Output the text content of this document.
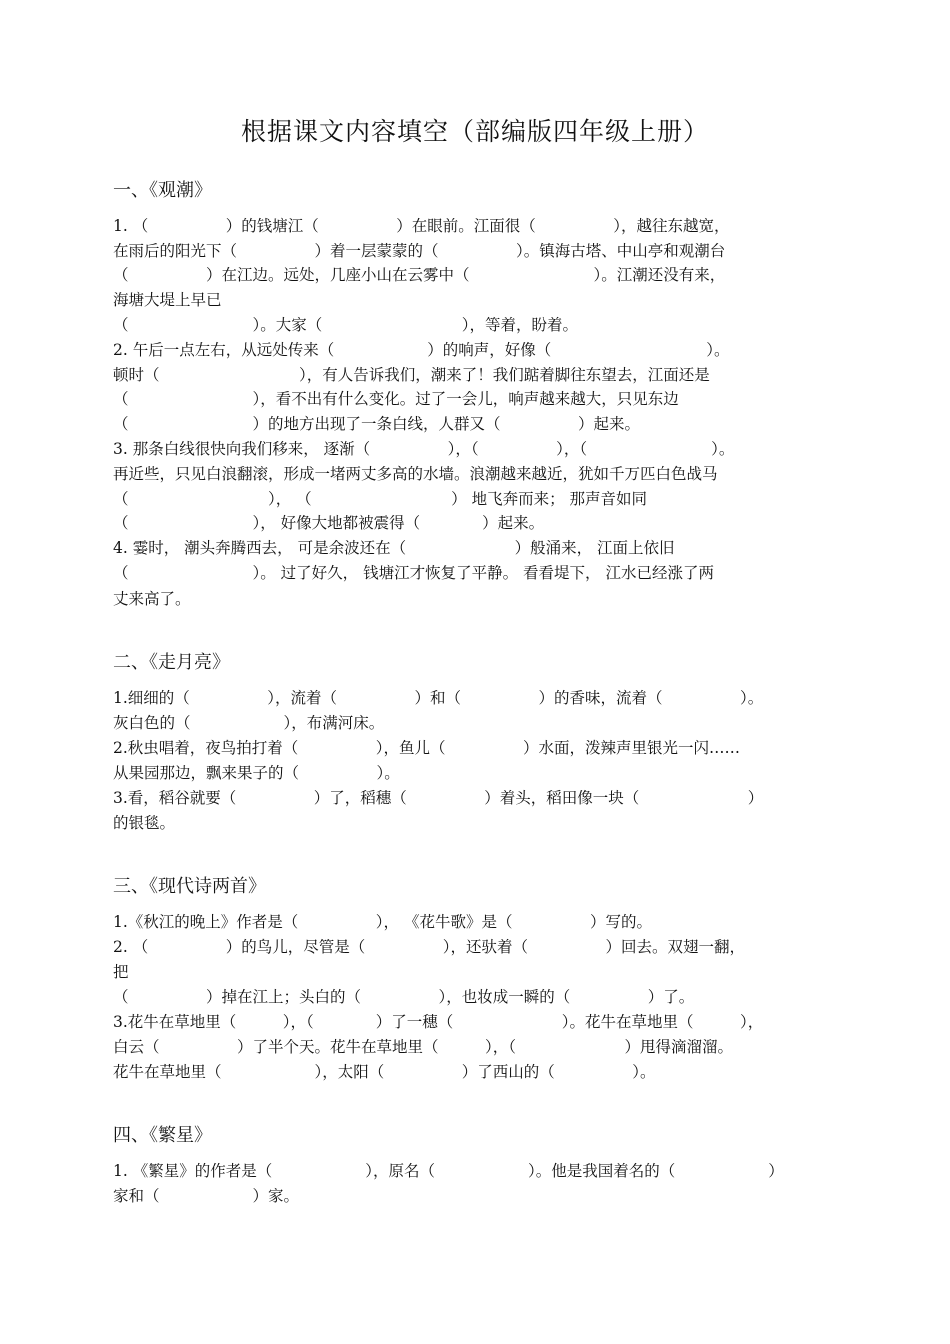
根据课文内容填空（部编版四年级上册）
一、《观潮》
1. （　　　　　）的钱塘江（　　　　　）在眼前。江面很（　　　　　），越往东越宽，
在雨后的阳光下（　　　　　）着一层蒙蒙的（　　　　　）。镇海古塔、中山亭和观潮台
（　　　　　）在江边。远处，几座小山在云雾中（　　　　　　　　）。江潮还没有来，
海塘大堤上早已
（　　　　　　　　）。大家（　　　　　　　　　），等着，盼着。
2. 午后一点左右，从远处传来（　　　　　　）的响声，好像（　　　　　　　　　　）。
顿时（　　　　　　　　　），有人告诉我们，潮来了！我们踮着脚往东望去，江面还是
（　　　　　　　　），看不出有什么变化。过了一会儿，响声越来越大，只见东边
（　　　　　　　　）的地方出现了一条白线，人群又（　　　　　）起来。
3. 那条白线很快向我们移来， 逐渐（　　　　　），（　　　　　），（　　　　　　　　）。
再近些，只见白浪翻滚，形成一堵两丈多高的水墙。浪潮越来越近，犹如千万匹白色战马
（　　　　　　　　　）， （　　　　　　　　　） 地飞奔而来； 那声音如同
（　　　　　　　　）， 好像大地都被震得（　　　　）起来。
4. 霎时， 潮头奔腾西去， 可是余波还在（　　　　　　　）般涌来， 江面上依旧
（　　　　　　　　）。 过了好久， 钱塘江才恢复了平静。 看看堤下， 江水已经涨了两
丈来高了。
二、《走月亮》
1.细细的（　　　　　），流着（　　　　　）和（　　　　　）的香味，流着（　　　　　）。
灰白色的（　　　　　　），布满河床。
2.秋虫唱着，夜鸟拍打着（　　　　　），鱼儿（　　　　　）水面，泼辣声里银光一闪……
从果园那边，飘来果子的（　　　　　）。
3.看，稻谷就要（　　　　　）了，稻穗（　　　　　）着头，稻田像一块（　　　　　　　）
的银毯。
三、《现代诗两首》
1.《秋江的晚上》作者是（　　　　　）， 《花牛歌》是（　　　　　）写的。
2. （　　　　　）的鸟儿，尽管是（　　　　　），还驮着（　　　　　）回去。双翅一翻，
把
（　　　　　）掉在江上；头白的（　　　　　），也妆成一瞬的（　　　　　）了。
3.花牛在草地里（　　　），（　　　　）了一穗（　　　　　　　）。花牛在草地里（　　　），
白云（　　　　　）了半个天。花牛在草地里（　　　），（　　　　　　　）甩得滴溜溜。
花牛在草地里（　　　　　　），太阳（　　　　　）了西山的（　　　　　）。
四、《繁星》
1. 《繁星》的作者是（　　　　　　），原名（　　　　　　）。他是我国着名的（　　　　　　）
家和（　　　　　　）家。
